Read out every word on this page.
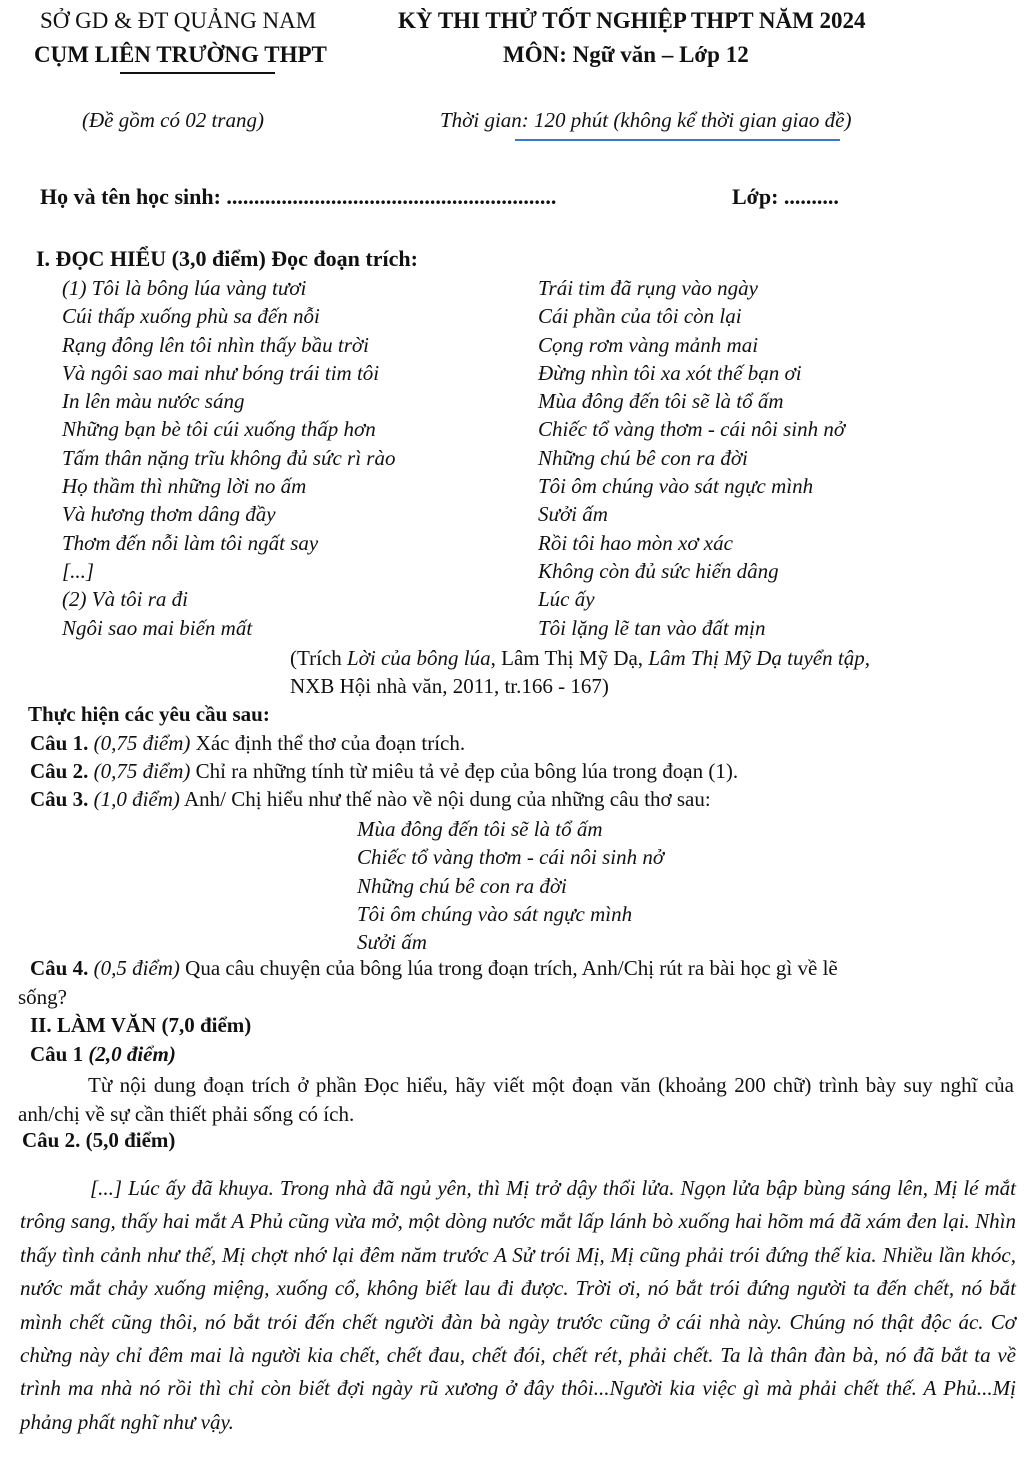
SỞ GD & ĐT QUẢNG NAM	KỲ THI THỬ TỐT NGHIỆP THPT NĂM 2024
CỤM LIÊN TRƯỜNG THPT	MÔN: Ngữ văn – Lớp 12
(Đề gồm có 02 trang)	Thời gian: 120 phút (không kể thời gian giao đề)
Họ và tên học sinh: ............................................................	Lớp: ..........
I. ĐỌC HIỂU (3,0 điểm) Đọc đoạn trích:
(1) Tôi là bông lúa vàng tươi
Cúi thấp xuống phù sa đến nỗi
Rạng đông lên tôi nhìn thấy bầu trời
Và ngôi sao mai như bóng trái tim tôi
In lên màu nước sáng
Những bạn bè tôi cúi xuống thấp hơn
Tấm thân nặng trĩu không đủ sức rì rào
Họ thầm thì những lời no ấm
Và hương thơm dâng đầy
Thơm đến nỗi làm tôi ngất say
[...]
(2) Và tôi ra đi
Ngôi sao mai biến mất
Trái tim đã rụng vào ngày
Cái phần của tôi còn lại
Cọng rơm vàng mảnh mai
Đừng nhìn tôi xa xót thế bạn ơi
Mùa đông đến tôi sẽ là tổ ấm
Chiếc tổ vàng thơm - cái nôi sinh nở
Những chú bê con ra đời
Tôi ôm chúng vào sát ngực mình
Sưởi ấm
Rồi tôi hao mòn xơ xác
Không còn đủ sức hiến dâng
Lúc ấy
Tôi lặng lẽ tan vào đất mịn
(Trích Lời của bông lúa, Lâm Thị Mỹ Dạ, Lâm Thị Mỹ Dạ tuyển tập,
NXB Hội nhà văn, 2011, tr.166 - 167)
Thực hiện các yêu cầu sau:
Câu 1. (0,75 điểm) Xác định thể thơ của đoạn trích.
Câu 2. (0,75 điểm) Chỉ ra những tính từ miêu tả vẻ đẹp của bông lúa trong đoạn (1).
Câu 3. (1,0 điểm) Anh/ Chị hiểu như thế nào về nội dung của những câu thơ sau:
Mùa đông đến tôi sẽ là tổ ấm
Chiếc tổ vàng thơm - cái nôi sinh nở
Những chú bê con ra đời
Tôi ôm chúng vào sát ngực mình
Sưởi ấm
Câu 4. (0,5 điểm) Qua câu chuyện của bông lúa trong đoạn trích, Anh/Chị rút ra bài học gì về lẽ
sống?
II. LÀM VĂN (7,0 điểm)
Câu 1 (2,0 điểm)
Từ nội dung đoạn trích ở phần Đọc hiểu, hãy viết một đoạn văn (khoảng 200 chữ) trình bày suy nghĩ của anh/chị về sự cần thiết phải sống có ích.
Câu 2. (5,0 điểm)
[...] Lúc ấy đã khuya. Trong nhà đã ngủ yên, thì Mị trở dậy thổi lửa. Ngọn lửa bập bùng sáng lên, Mị lé mắt trông sang, thấy hai mắt A Phủ cũng vừa mở, một dòng nước mắt lấp lánh bò xuống hai hõm má đã xám đen lại. Nhìn thấy tình cảnh như thế, Mị chợt nhớ lại đêm năm trước A Sử trói Mị, Mị cũng phải trói đứng thế kia. Nhiều lần khóc, nước mắt chảy xuống miệng, xuống cổ, không biết lau đi được. Trời ơi, nó bắt trói đứng người ta đến chết, nó bắt mình chết cũng thôi, nó bắt trói đến chết người đàn bà ngày trước cũng ở cái nhà này. Chúng nó thật độc ác. Cơ chừng này chỉ đêm mai là người kia chết, chết đau, chết đói, chết rét, phải chết. Ta là thân đàn bà, nó đã bắt ta về trình ma nhà nó rồi thì chỉ còn biết đợi ngày rũ xương ở đây thôi...Người kia việc gì mà phải chết thế. A Phủ...Mị phảng phất nghĩ như vậy.
